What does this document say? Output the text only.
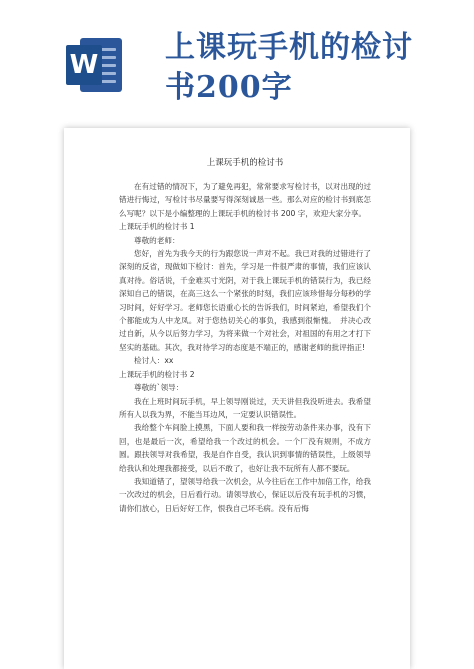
W 上课玩手机的检讨
书200字

上课玩手机的检讨书

在有过错的情况下，为了避免再犯，常常要求写检讨书，以对出现的过错进行悔过，写检讨书尽量要写得深刻诚恳一些。那么对应的检讨书到底怎么写呢？以下是小编整理的上课玩手机的检讨书 200 字，欢迎大家分享。

上课玩手机的检讨书 1

尊敬的老师：

您好，首先为我今天的行为跟您说一声对不起。我已对我的过错进行了深刻的反省，现做如下检讨：首先，学习是一件很严肃的事情，我们应该认真对待。俗话说，千金难买寸光阴，对于我上课玩手机的错误行为，我已经深知自己的错误，在高三这么一个紧张的时刻，我们应该珍惜每分每秒的学习时间，好好学习。老师您长语重心长的告诉我们，时间紧迫，希望我们个个都能成为人中龙凤。对于您热切关心的事负，我感到很惭愧。　并决心改过自新，从今以后努力学习，为将来做一个对社会，对祖国的有用之才打下坚实的基础。其次，我对待学习的态度是不端正的，感谢老师的批评指正!

检讨人：xx

上课玩手机的检讨书 2

尊敬的`领导：

我在上班时间玩手机，早上领导刚说过，天天讲但我没听进去。我希望所有人以我为界，不能当耳边风，一定要认识错误性。

我给整个车间脸上摸黑，下面人要和我一样按劳动条件来办事，没有下回，也是最后一次，希望给我一个改过的机会。一个厂没有规则，不成方圆。跟扶领导对我希望，我是自作自受，我认识到事情的错误性，上级领导给我认和处理我都接受，以后不敢了，也好让我不玩所有人都不要玩。

我知道错了，望领导给我一次机会，从今往后在工作中加倍工作，给我一次改过的机会，日后看行动。请领导放心，保证以后没有玩手机的习惯，请你们放心，日后好好工作，恨我自己坏毛病。没有后悔
